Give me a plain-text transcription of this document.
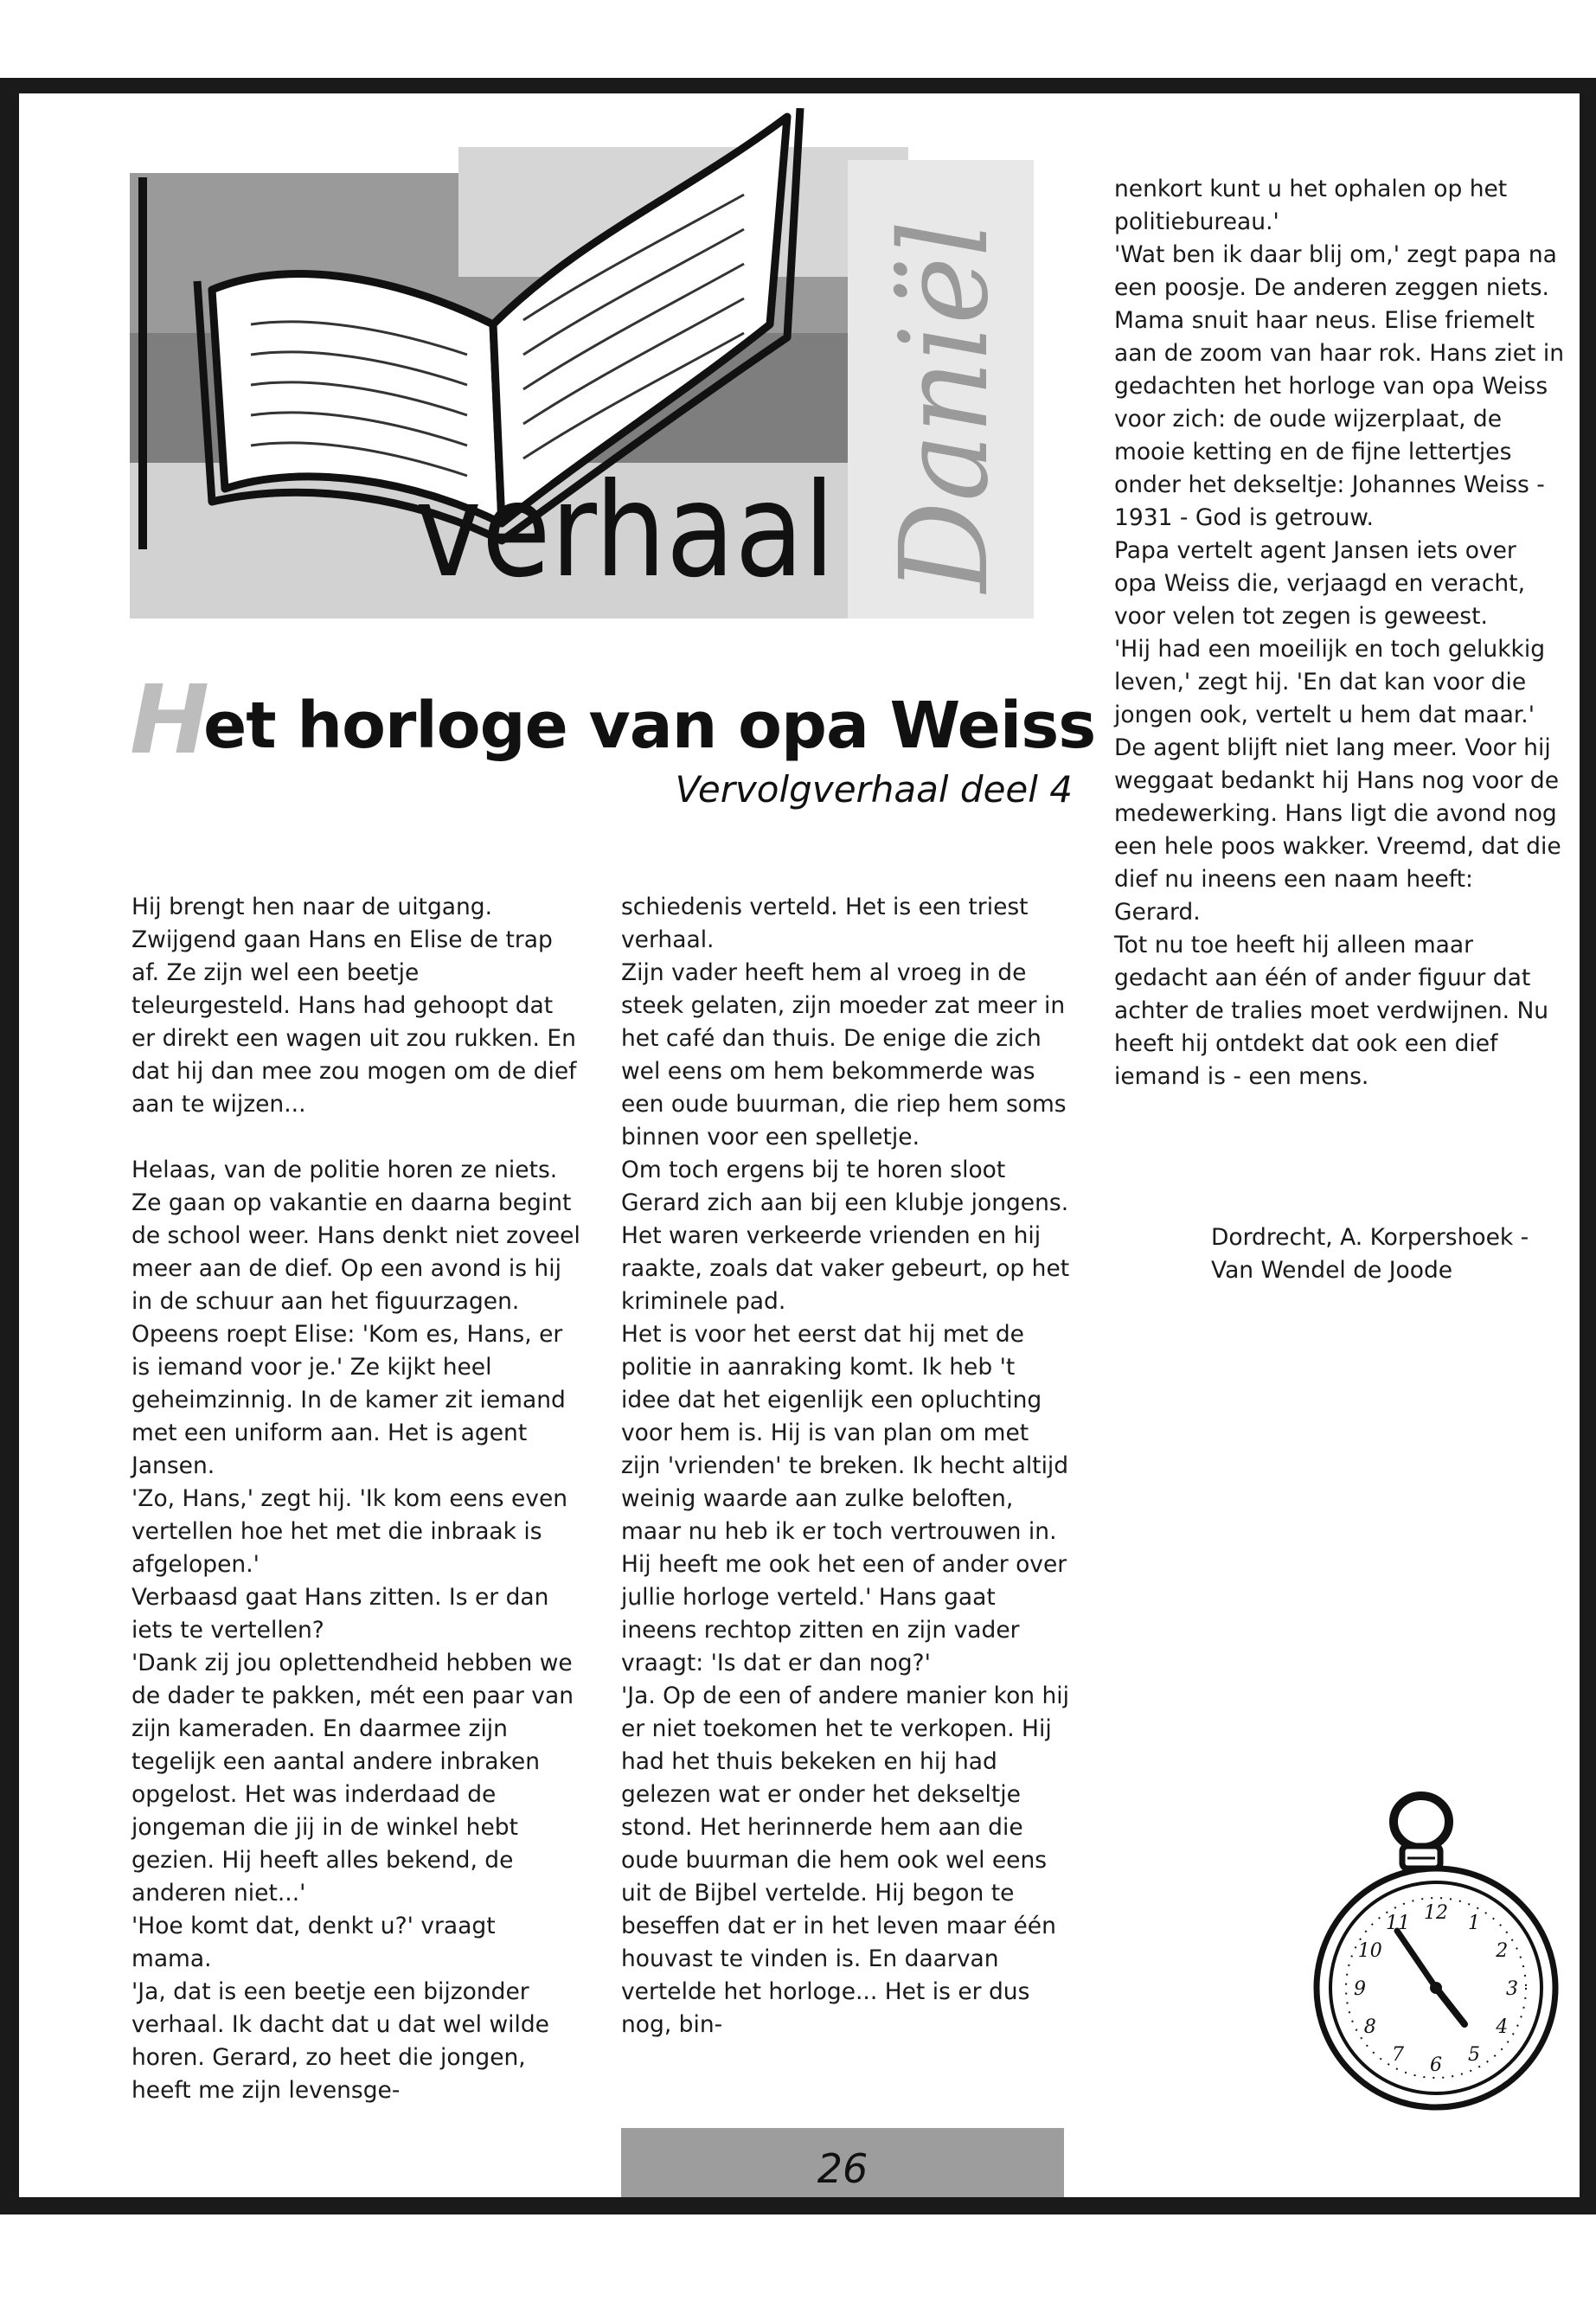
verhaal Daniël
Het horloge van opa Weiss
Vervolgverhaal deel 4

Hij brengt hen naar de uitgang. Zwijgend gaan Hans en Elise de trap af. Ze zijn wel een beetje teleurgesteld. Hans had gehoopt dat er direkt een wagen uit zou rukken. En dat hij dan mee zou mogen om de dief aan te wijzen...

Helaas, van de politie horen ze niets. Ze gaan op vakantie en daarna begint de school weer. Hans denkt niet zoveel meer aan de dief. Op een avond is hij in de schuur aan het figuurzagen. Opeens roept Elise: 'Kom es, Hans, er is iemand voor je.' Ze kijkt heel geheimzinnig. In de kamer zit iemand met een uniform aan. Het is agent Jansen.

'Zo, Hans,' zegt hij. 'Ik kom eens even vertellen hoe het met die inbraak is afgelopen.'

Verbaasd gaat Hans zitten. Is er dan iets te vertellen?

'Dank zij jou oplettendheid hebben we de dader te pakken, mét een paar van zijn kameraden. En daarmee zijn tegelijk een aantal andere inbraken opgelost. Het was inderdaad de jongeman die jij in de winkel hebt gezien. Hij heeft alles bekend, de anderen niet...'

'Hoe komt dat, denkt u?' vraagt mama.

'Ja, dat is een beetje een bijzonder verhaal. Ik dacht dat u dat wel wilde horen. Gerard, zo heet die jongen, heeft me zijn levensge-

schiedenis verteld. Het is een triest verhaal.

Zijn vader heeft hem al vroeg in de steek gelaten, zijn moeder zat meer in het café dan thuis. De enige die zich wel eens om hem bekommerde was een oude buurman, die riep hem soms binnen voor een spelletje.

Om toch ergens bij te horen sloot Gerard zich aan bij een klubje jongens. Het waren verkeerde vrienden en hij raakte, zoals dat vaker gebeurt, op het kriminele pad.

Het is voor het eerst dat hij met de politie in aanraking komt. Ik heb 't idee dat het eigenlijk een opluchting voor hem is. Hij is van plan om met zijn 'vrienden' te breken. Ik hecht altijd weinig waarde aan zulke beloften, maar nu heb ik er toch vertrouwen in. Hij heeft me ook het een of ander over jullie horloge verteld.' Hans gaat ineens rechtop zitten en zijn vader vraagt: 'Is dat er dan nog?'

'Ja. Op de een of andere manier kon hij er niet toekomen het te verkopen. Hij had het thuis bekeken en hij had gelezen wat er onder het dekseltje stond. Het herinnerde hem aan die oude buurman die hem ook wel eens uit de Bijbel vertelde. Hij begon te beseffen dat er in het leven maar één houvast te vinden is. En daarvan vertelde het horloge... Het is er dus nog, bin-

nenkort kunt u het ophalen op het politiebureau.'

'Wat ben ik daar blij om,' zegt papa na een poosje. De anderen zeggen niets. Mama snuit haar neus. Elise friemelt aan de zoom van haar rok. Hans ziet in gedachten het horloge van opa Weiss voor zich: de oude wijzerplaat, de mooie ketting en de fijne lettertjes onder het dekseltje: Johannes Weiss - 1931 - God is getrouw.

Papa vertelt agent Jansen iets over opa Weiss die, verjaagd en veracht, voor velen tot zegen is geweest.

'Hij had een moeilijk en toch gelukkig leven,' zegt hij. 'En dat kan voor die jongen ook, vertelt u hem dat maar.'

De agent blijft niet lang meer. Voor hij weggaat bedankt hij Hans nog voor de medewerking. Hans ligt die avond nog een hele poos wakker. Vreemd, dat die dief nu ineens een naam heeft: Gerard.

Tot nu toe heeft hij alleen maar gedacht aan één of ander figuur dat achter de tralies moet verdwijnen. Nu heeft hij ontdekt dat ook een dief iemand is - een mens.

Dordrecht, A. Korpershoek -

Van Wendel de Joode

12 1
2
3
4
5
6
7
8
9
10
11
26
